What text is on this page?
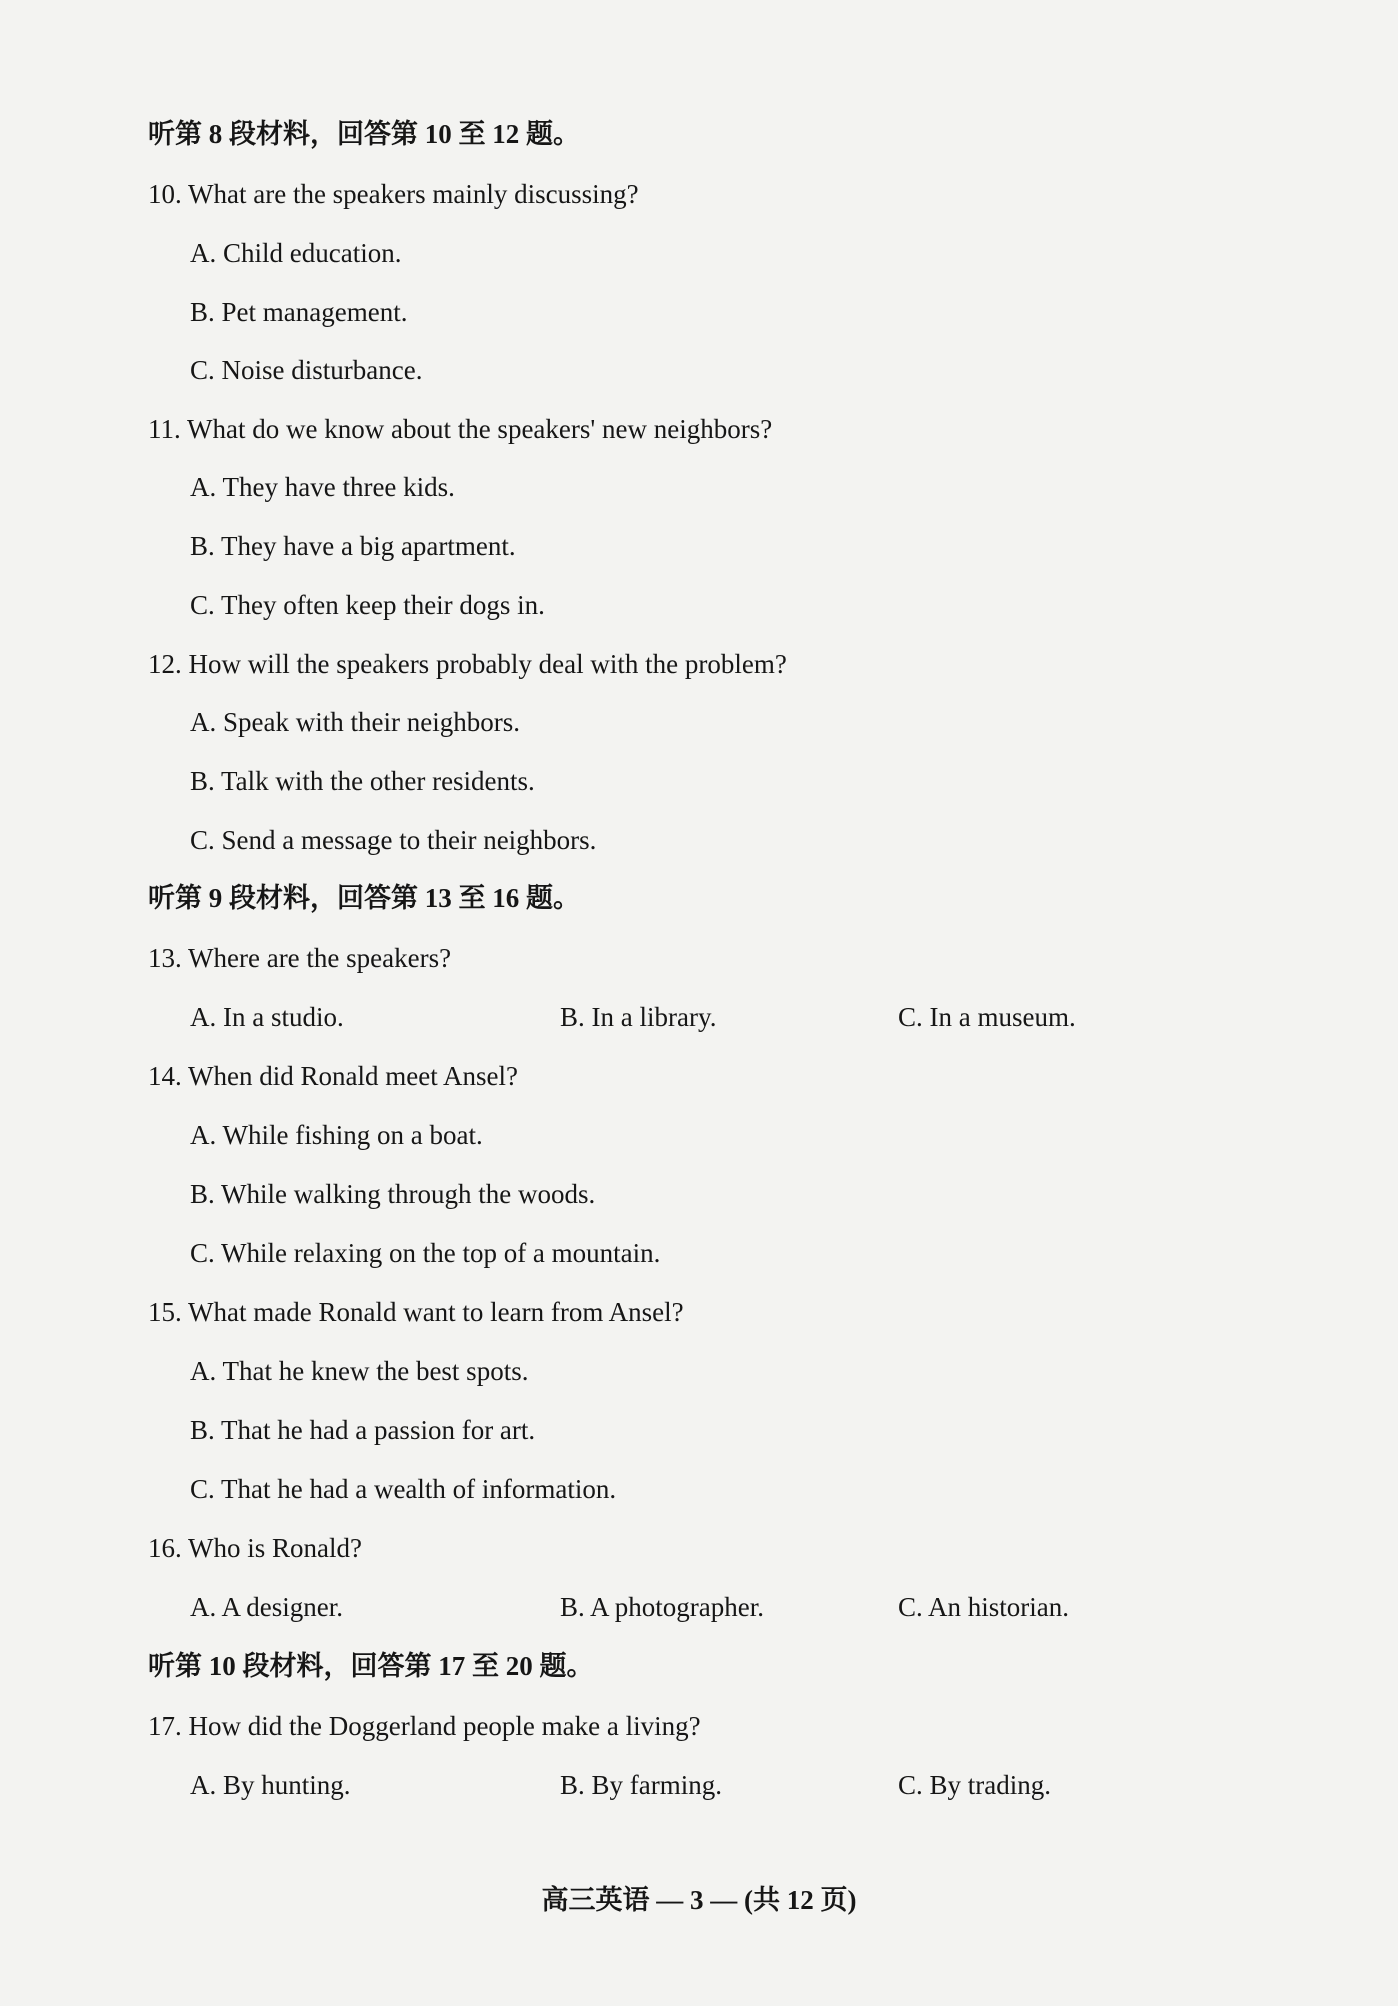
听第 8 段材料，回答第 10 至 12 题。
10. What are the speakers mainly discussing?
A. Child education.
B. Pet management.
C. Noise disturbance.
11. What do we know about the speakers' new neighbors?
A. They have three kids.
B. They have a big apartment.
C. They often keep their dogs in.
12. How will the speakers probably deal with the problem?
A. Speak with their neighbors.
B. Talk with the other residents.
C. Send a message to their neighbors.
听第 9 段材料，回答第 13 至 16 题。
13. Where are the speakers?
A. In a studio.	B. In a library.	C. In a museum.
14. When did Ronald meet Ansel?
A. While fishing on a boat.
B. While walking through the woods.
C. While relaxing on the top of a mountain.
15. What made Ronald want to learn from Ansel?
A. That he knew the best spots.
B. That he had a passion for art.
C. That he had a wealth of information.
16. Who is Ronald?
A. A designer.	B. A photographer.	C. An historian.
听第 10 段材料，回答第 17 至 20 题。
17. How did the Doggerland people make a living?
A. By hunting.	B. By farming.	C. By trading.
高三英语 — 3 — (共 12 页)
